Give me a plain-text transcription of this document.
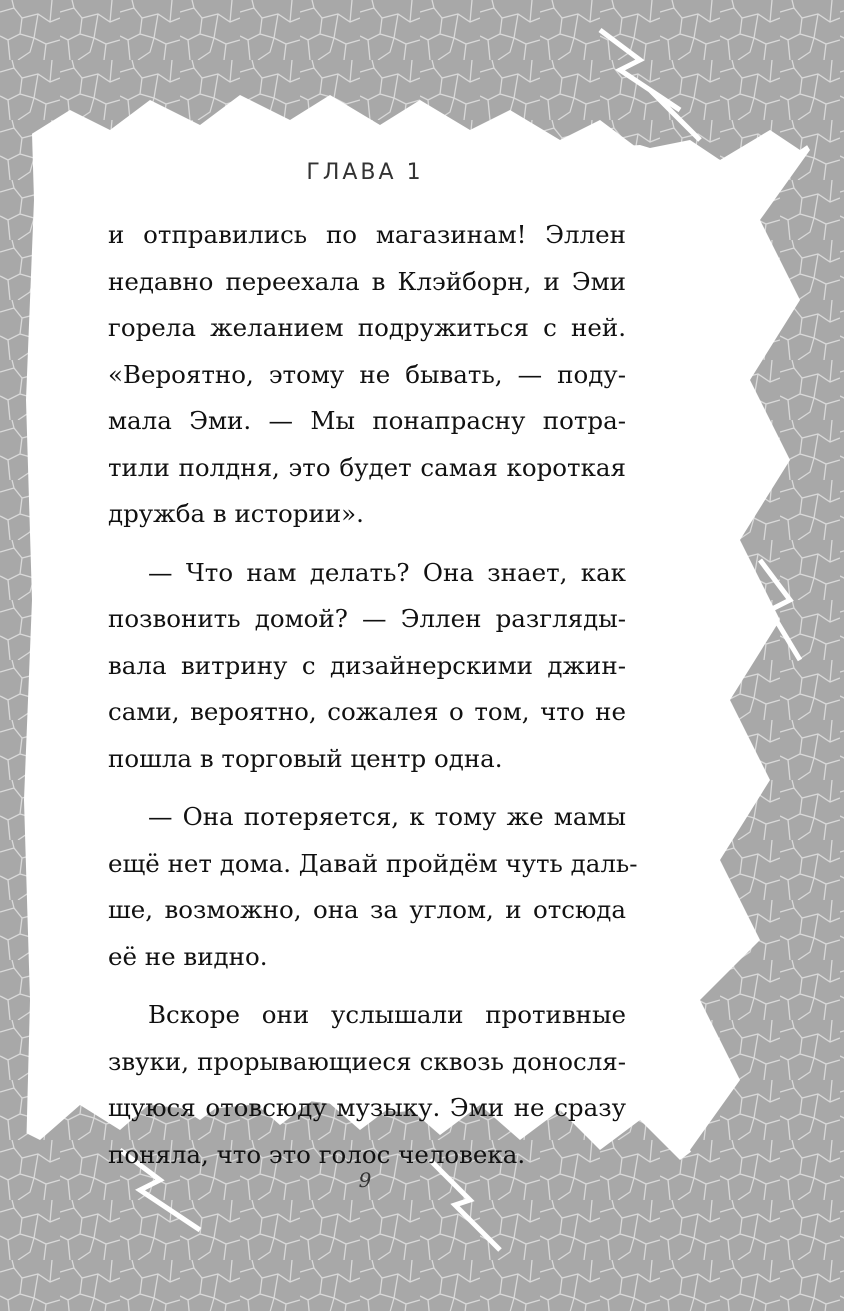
ГЛАВА 1
и отправились по магазинам! Эллен
недавно переехала в Клэйборн, и Эми
горела желанием подружиться с ней.
«Вероятно, этому не бывать, — поду-
мала Эми. — Мы понапрасну потра-
тили полдня, это будет самая короткая
дружба в истории».
— Что нам делать? Она знает, как
позвонить домой? — Эллен разгляды-
вала витрину с дизайнерскими джин-
сами, вероятно, сожалея о том, что не
пошла в торговый центр одна.
— Она потеряется, к тому же мамы
ещё нет дома. Давай пройдём чуть даль-
ше, возможно, она за углом, и отсюда
её не видно.
Вскоре они услышали противные
звуки, прорывающиеся сквозь доносля-
щуюся отовсюду музыку. Эми не сразу
поняла, что это голос человека.
9
